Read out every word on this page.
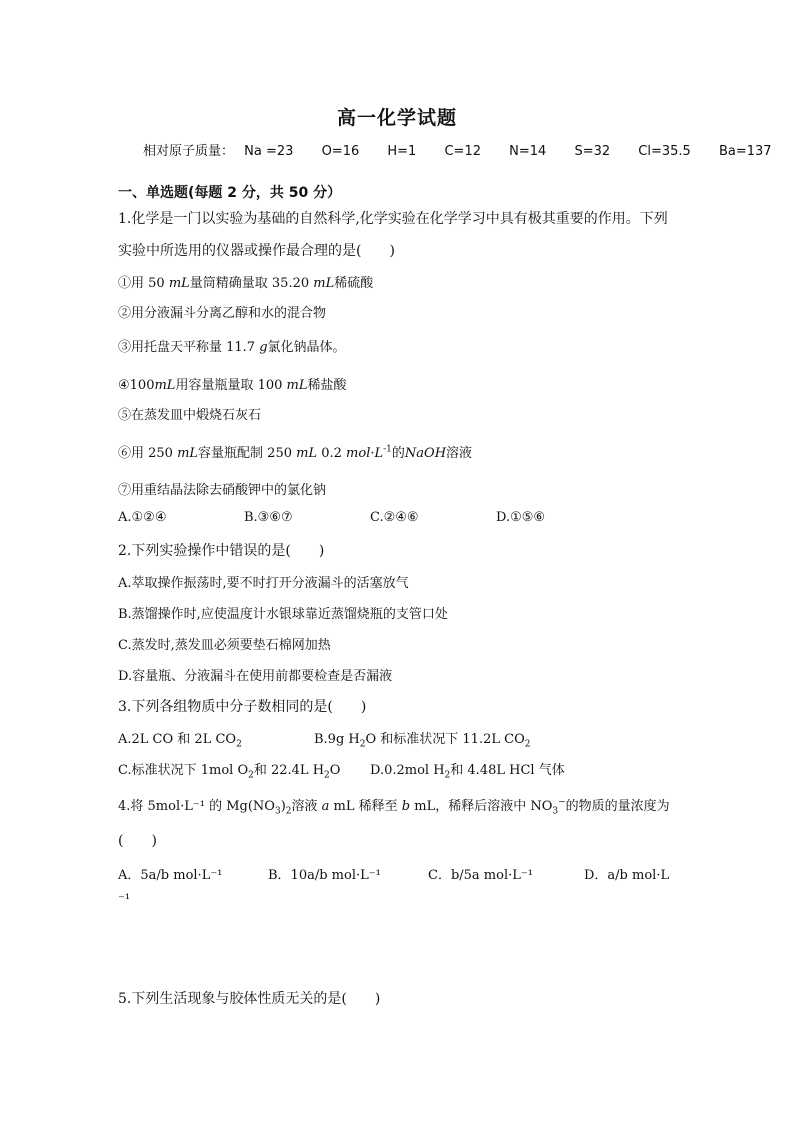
高一化学试题
相对原子质量： Na =23 O=16 H=1 C=12 N=14 S=32 Cl=35.5 Ba=137
一、单选题(每题 2 分，共 50 分）
1.化学是一门以实验为基础的自然科学,化学实验在化学学习中具有极其重要的作用。下列
实验中所选用的仪器或操作最合理的是(　　)
①用 50 mL量筒精确量取 35.20 mL稀硫酸
②用分液漏斗分离乙醇和水的混合物
③用托盘天平称量 11.7 g氯化钠晶体。
④100mL用容量瓶量取 100 mL稀盐酸
⑤在蒸发皿中煅烧石灰石
⑥用 250 mL容量瓶配制 250 mL 0.2 $mol\cdot L^{-1}$的NaOH溶液
⑦用重结晶法除去硝酸钾中的氯化钠
A.①②④	B.③⑥⑦	C.②④⑥	D.①⑤⑥
2.下列实验操作中错误的是(　　)
A.萃取操作振荡时,要不时打开分液漏斗的活塞放气
B.蒸馏操作时,应使温度计水银球靠近蒸馏烧瓶的支管口处
C.蒸发时,蒸发皿必须要垫石棉网加热
D.容量瓶、分液漏斗在使用前都要检查是否漏液
3.下列各组物质中分子数相同的是(　　)
A.2L CO 和 2L $CO_2$	B.9g $H_2O$ 和标准状况下 11.2L $CO_2$
C.标准状况下 1mol $O_2$和 22.4L $H_2O$ D.0.2mol $H_2$和 4.48L HCl 气体
4.将 5mol·L⁻¹ 的 $Mg(NO_3)_2$溶液 a mL 稀释至 b mL，稀释后溶液中 $NO_3^-$的物质的量浓度为
(　　)
A．5a/b mol·L⁻¹	B．10a/b mol·L⁻¹	C．b/5a mol·L⁻¹	D．a/b mol·L
⁻¹
5.下列生活现象与胶体性质无关的是(　　)
